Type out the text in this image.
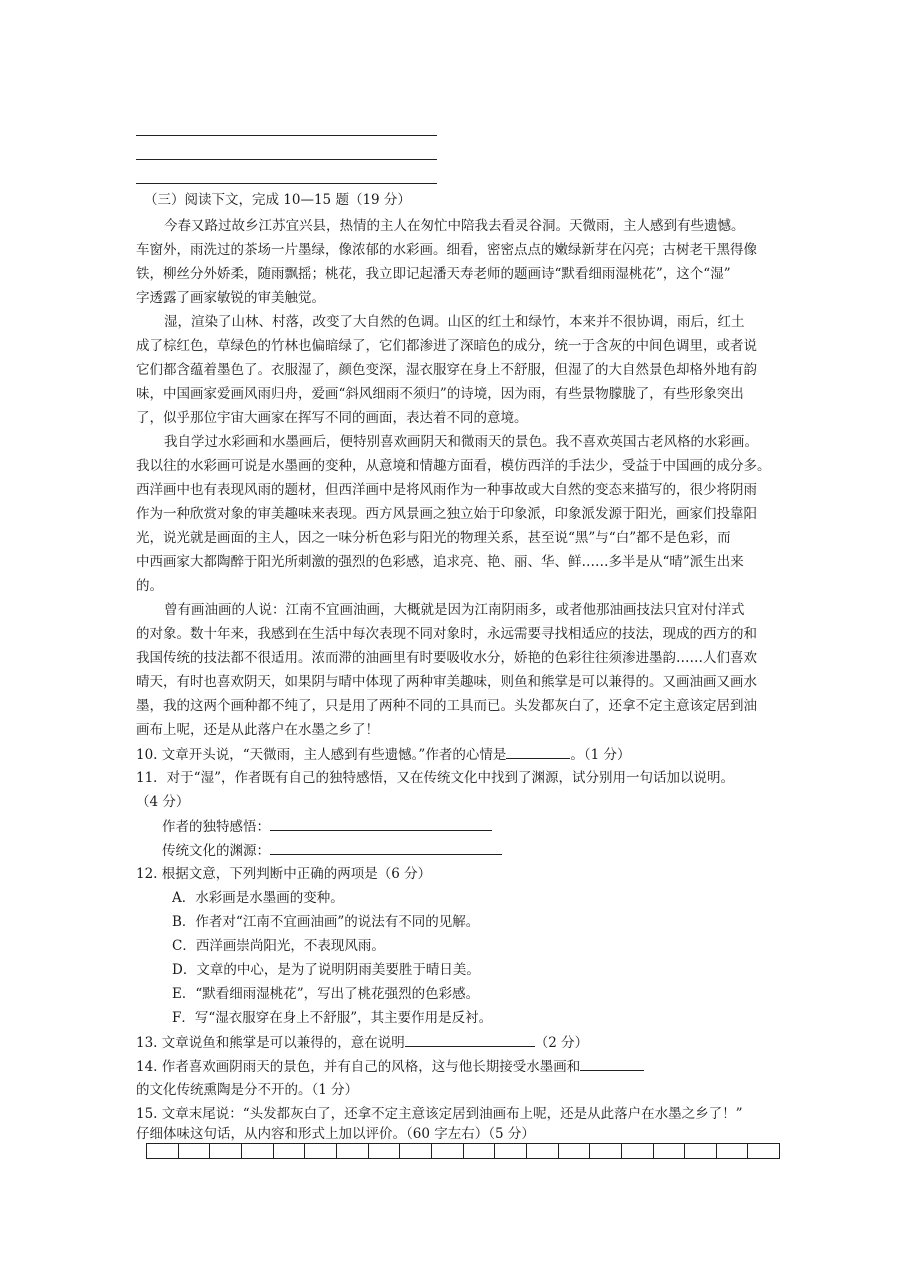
（三）阅读下文，完成 10—15 题（19 分）
今春又路过故乡江苏宜兴县，热情的主人在匆忙中陪我去看灵谷洞。天微雨，主人感到有些遗憾。
车窗外，雨洗过的茶场一片墨绿，像浓郁的水彩画。细看，密密点点的嫩绿新芽在闪亮；古树老干黑得像
铁，柳丝分外娇柔，随雨飘摇；桃花，我立即记起潘天寿老师的题画诗“默看细雨湿桃花”，这个“湿”
字透露了画家敏锐的审美触觉。
湿，渲染了山林、村落，改变了大自然的色调。山区的红土和绿竹，本来并不很协调，雨后，红土
成了棕红色，草绿色的竹林也偏暗绿了，它们都渗进了深暗色的成分，统一于含灰的中间色调里，或者说
它们都含蕴着墨色了。衣服湿了，颜色变深，湿衣服穿在身上不舒服，但湿了的大自然景色却格外地有韵
味，中国画家爱画风雨归舟，爱画“斜风细雨不须归”的诗境，因为雨，有些景物朦胧了，有些形象突出
了，似乎那位宇宙大画家在挥写不同的画面，表达着不同的意境。
我自学过水彩画和水墨画后，便特别喜欢画阴天和微雨天的景色。我不喜欢英国古老风格的水彩画。
我以往的水彩画可说是水墨画的变种，从意境和情趣方面看，模仿西洋的手法少，受益于中国画的成分多。
西洋画中也有表现风雨的题材，但西洋画中是将风雨作为一种事故或大自然的变态来描写的，很少将阴雨
作为一种欣赏对象的审美趣味来表现。西方风景画之独立始于印象派，印象派发源于阳光，画家们投靠阳
光，说光就是画面的主人，因之一味分析色彩与阳光的物理关系，甚至说“黑”与“白”都不是色彩，而
中西画家大都陶醉于阳光所刺激的强烈的色彩感，追求亮、艳、丽、华、鲜……多半是从“晴”派生出来
的。
曾有画油画的人说：江南不宜画油画，大概就是因为江南阴雨多，或者他那油画技法只宜对付洋式
的对象。数十年来，我感到在生活中每次表现不同对象时，永远需要寻找相适应的技法，现成的西方的和
我国传统的技法都不很适用。浓而滞的油画里有时要吸收水分，娇艳的色彩往往须渗进墨韵……人们喜欢
晴天，有时也喜欢阴天，如果阴与晴中体现了两种审美趣味，则鱼和熊掌是可以兼得的。又画油画又画水
墨，我的这两个画种都不纯了，只是用了两种不同的工具而已。头发都灰白了，还拿不定主意该定居到油
画布上呢，还是从此落户在水墨之乡了！
10. 文章开头说，“天微雨，主人感到有些遗憾。”作者的心情是	。（1 分）
11．对于“湿”，作者既有自己的独特感悟，又在传统文化中找到了渊源，试分别用一句话加以说明。
（4 分）
作者的独特感悟：
传统文化的渊源：
12. 根据文意，下列判断中正确的两项是（6 分）
A．水彩画是水墨画的变种。
B．作者对“江南不宜画油画”的说法有不同的见解。
C．西洋画崇尚阳光，不表现风雨。
D．文章的中心，是为了说明阴雨美要胜于晴日美。
E．“默看细雨湿桃花”，写出了桃花强烈的色彩感。
F．写“湿衣服穿在身上不舒服”，其主要作用是反衬。
13. 文章说鱼和熊掌是可以兼得的，意在说明	（2 分）
14. 作者喜欢画阴雨天的景色，并有自己的风格，这与他长期接受水墨画和
的文化传统熏陶是分不开的。（1 分）
15. 文章末尾说：“头发都灰白了，还拿不定主意该定居到油画布上呢，还是从此落户在水墨之乡了！”
仔细体味这句话，从内容和形式上加以评价。（60 字左右）（5 分）
